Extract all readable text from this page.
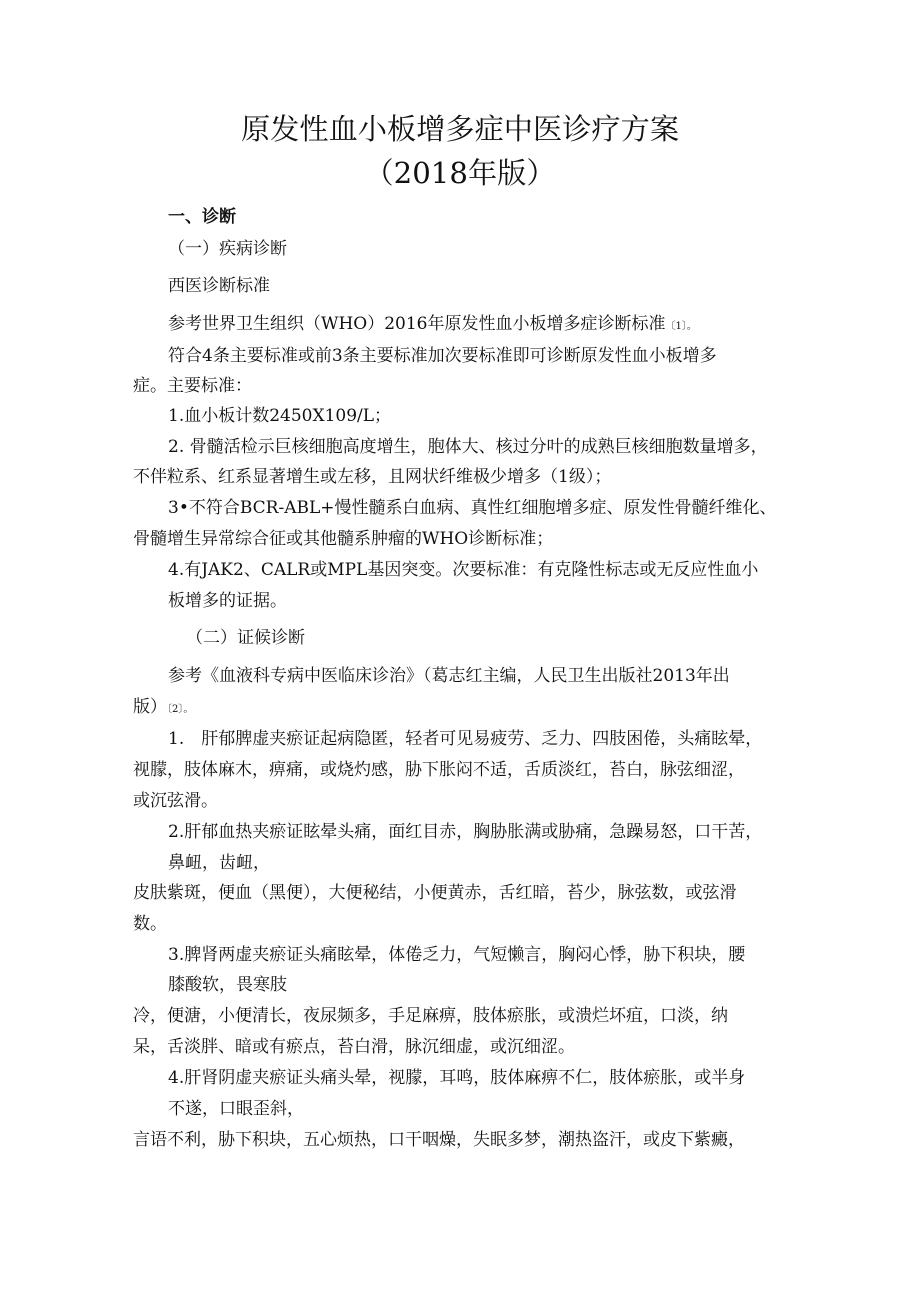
原发性血小板增多症中医诊疗方案
（2018年版）
一、诊断
（一）疾病诊断
西医诊断标准
参考世界卫生组织（WHO）2016年原发性血小板增多症诊断标准〔1〕。
符合4条主要标准或前3条主要标准加次要标准即可诊断原发性血小板增多
症。主要标准：
1.血小板计数2450X109/L；
2. 骨髓活检示巨核细胞高度增生，胞体大、核过分叶的成熟巨核细胞数量增多，
不伴粒系、红系显著增生或左移，且网状纤维极少增多（1级）；
3•不符合BCR-ABL+慢性髓系白血病、真性红细胞增多症、原发性骨髓纤维化、
骨髓增生异常综合征或其他髓系肿瘤的WHO诊断标准；
4.有JAK2、CALR或MPL基因突变。次要标准：有克隆性标志或无反应性血小
板增多的证据。
（二）证候诊断
参考《血液科专病中医临床诊治》（葛志红主编，人民卫生出版社2013年出
版）〔2〕。
1.　肝郁脾虚夹瘀证起病隐匿，轻者可见易疲劳、乏力、四肢困倦，头痛眩晕，
视朦，肢体麻木，痹痛，或烧灼感，胁下胀闷不适，舌质淡红，苔白，脉弦细涩，
或沉弦滑。
2.肝郁血热夹瘀证眩晕头痛，面红目赤，胸胁胀满或胁痛，急躁易怒，口干苦，
鼻衄，齿衄，
皮肤紫斑，便血（黑便），大便秘结，小便黄赤，舌红暗，苔少，脉弦数，或弦滑
数。
3.脾肾两虚夹瘀证头痛眩晕，体倦乏力，气短懒言，胸闷心悸，胁下积块，腰
膝酸软，畏寒肢
冷，便溏，小便清长，夜尿频多，手足麻痹，肢体瘀胀，或溃烂坏疽，口淡，纳
呆，舌淡胖、暗或有瘀点，苔白滑，脉沉细虚，或沉细涩。
4.肝肾阴虚夹瘀证头痛头晕，视朦，耳鸣，肢体麻痹不仁，肢体瘀胀，或半身
不遂，口眼歪斜，
言语不利，胁下积块，五心烦热，口干咽燥，失眠多梦，潮热盗汗，或皮下紫癜，
